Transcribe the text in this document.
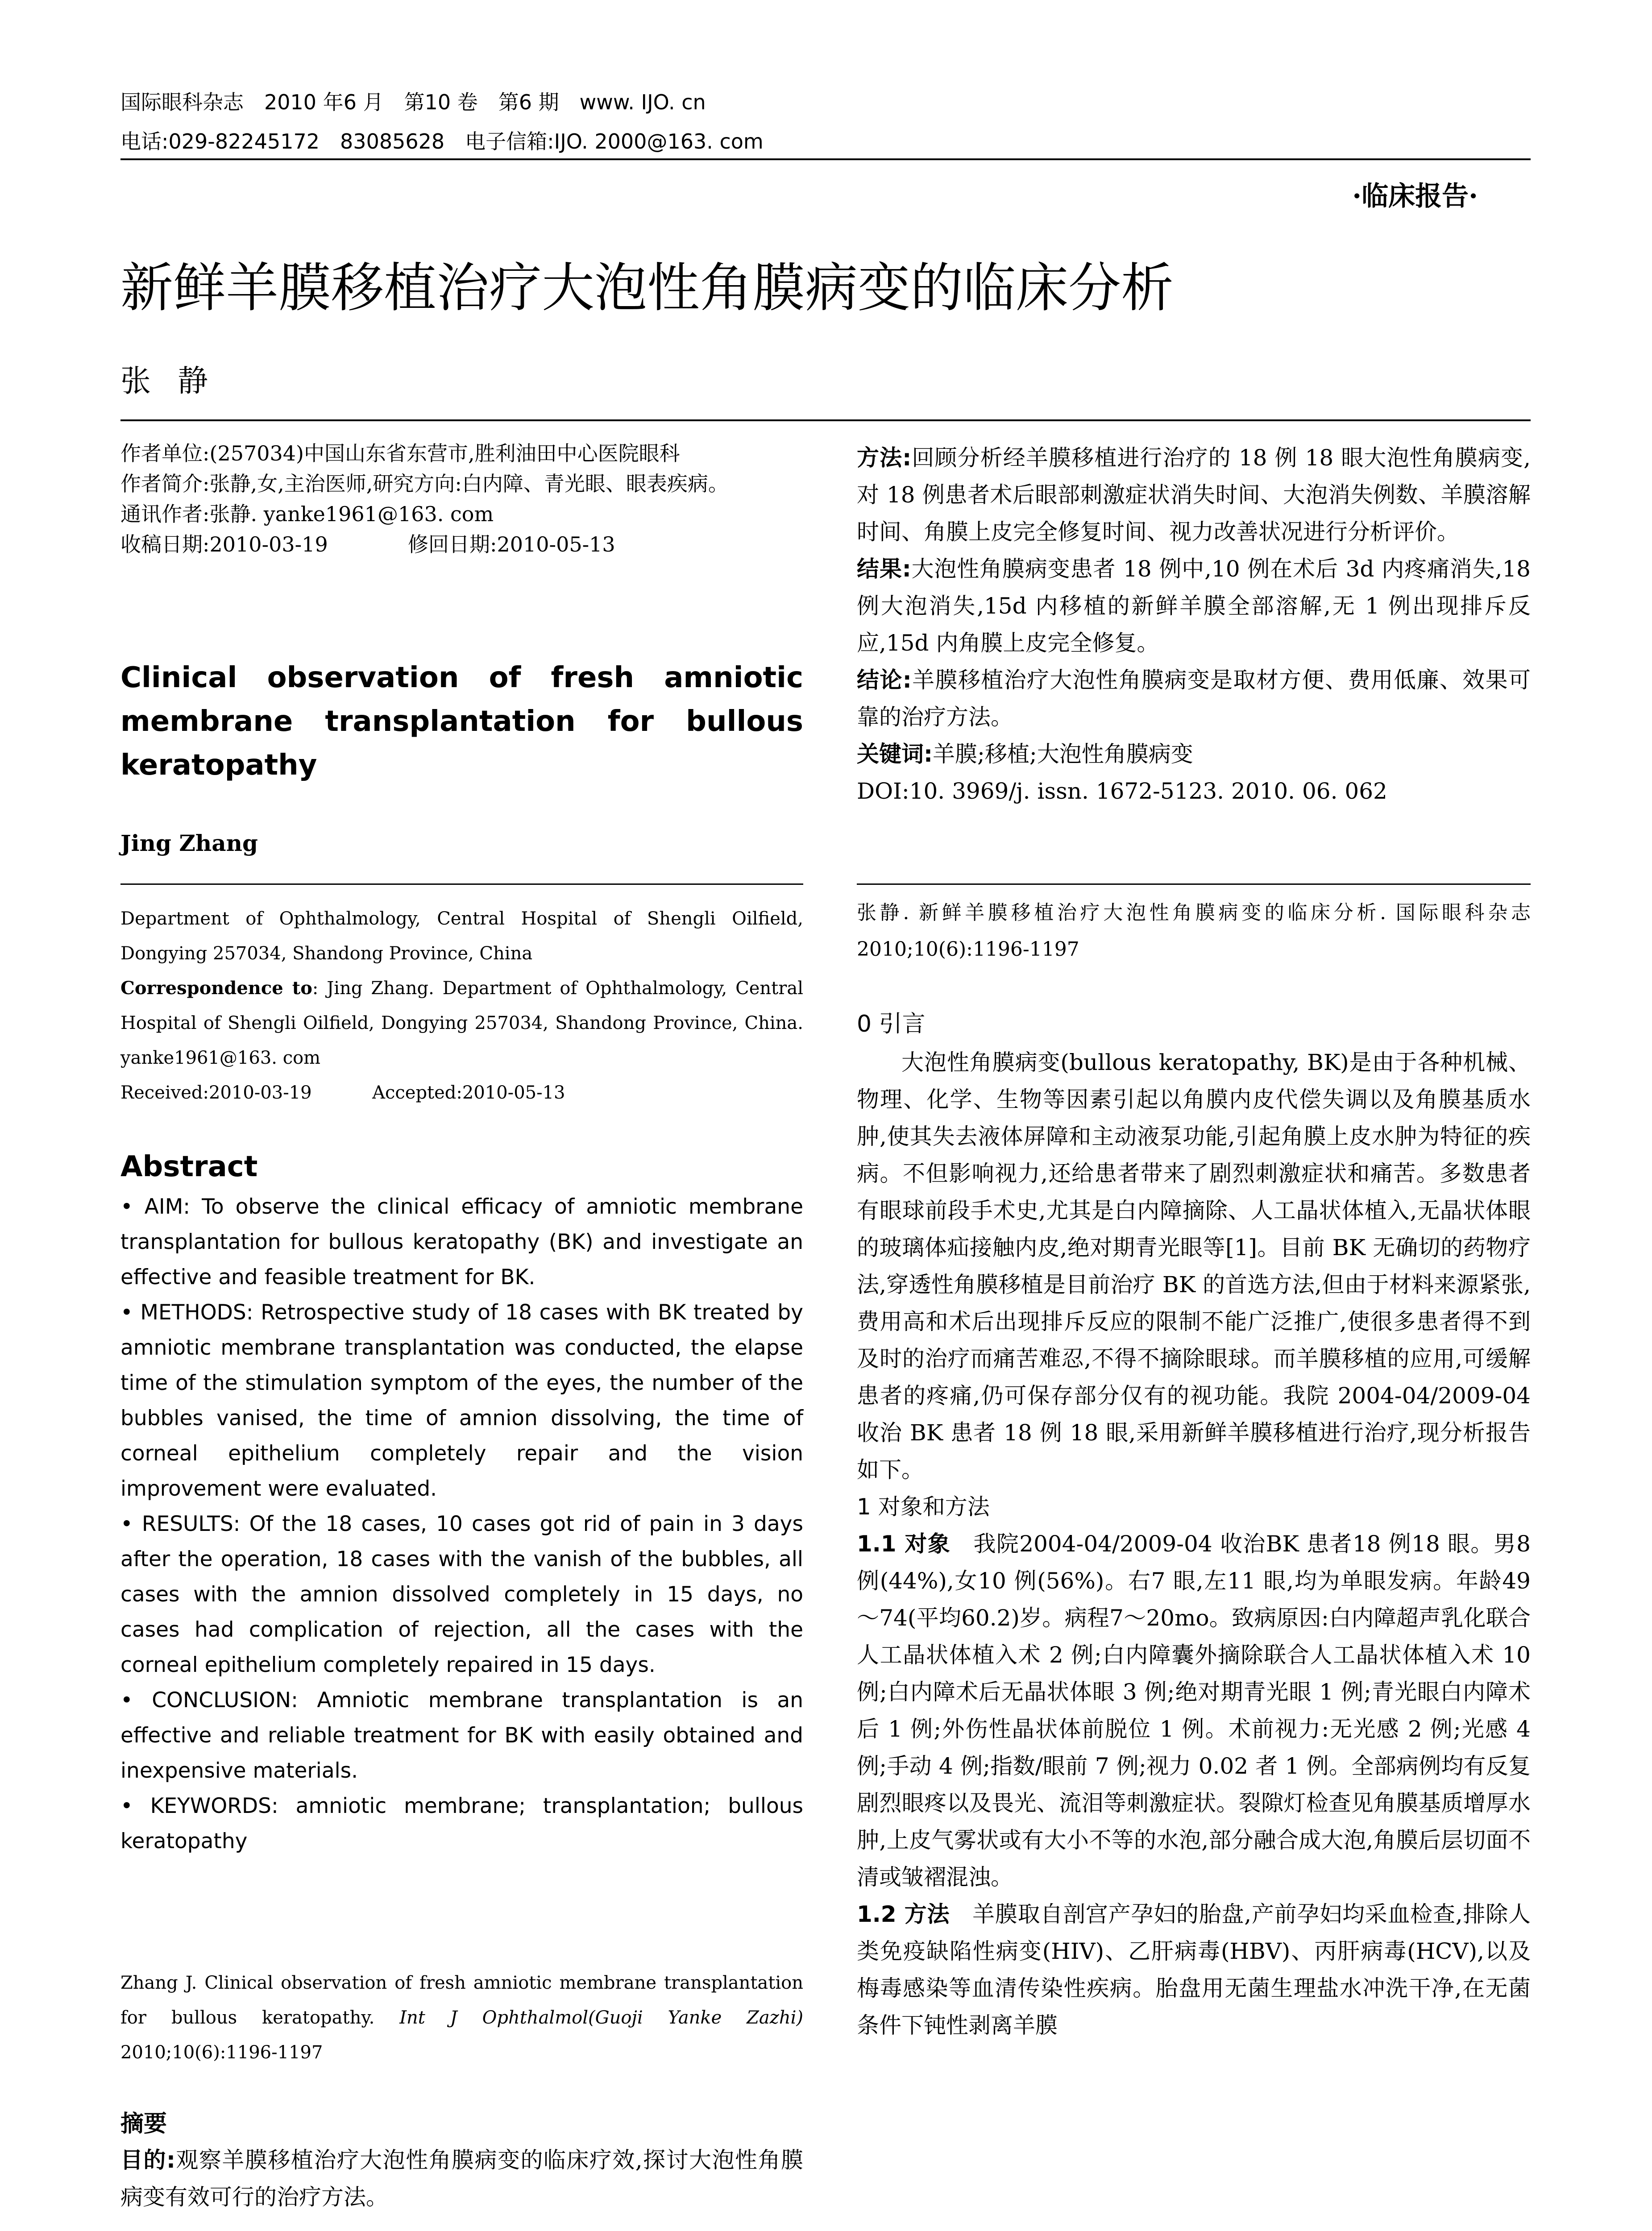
国际眼科杂志　2010 年6 月　第10 卷　第6 期　www. IJO. cn
电话:029-82245172　83085628　电子信箱:IJO. 2000@163. com
·临床报告·
新鲜羊膜移植治疗大泡性角膜病变的临床分析
张静
作者单位:(257034)中国山东省东营市,胜利油田中心医院眼科
作者简介:张静,女,主治医师,研究方向:白内障、青光眼、眼表疾病。
通讯作者:张静. yanke1961@163. com
收稿日期:2010-03-19	修回日期:2010-05-13
Clinical observation of fresh amniotic membrane transplantation for bullous keratopathy
Jing Zhang
Department of Ophthalmology, Central Hospital of Shengli Oilfield, Dongying 257034, Shandong Province, China
Correspondence to: Jing Zhang. Department of Ophthalmology, Central Hospital of Shengli Oilfield, Dongying 257034, Shandong Province, China. yanke1961@163. com
Received:2010-03-19	Accepted:2010-05-13
Abstract

• AIM: To observe the clinical efficacy of amniotic membrane transplantation for bullous keratopathy (BK) and investigate an effective and feasible treatment for BK.

• METHODS: Retrospective study of 18 cases with BK treated by amniotic membrane transplantation was conducted, the elapse time of the stimulation symptom of the eyes, the number of the bubbles vanised, the time of amnion dissolving, the time of corneal epithelium completely repair and the vision improvement were evaluated.

• RESULTS: Of the 18 cases, 10 cases got rid of pain in 3 days after the operation, 18 cases with the vanish of the bubbles, all cases with the amnion dissolved completely in 15 days, no cases had complication of rejection, all the cases with the corneal epithelium completely repaired in 15 days.

• CONCLUSION: Amniotic membrane transplantation is an effective and reliable treatment for BK with easily obtained and inexpensive materials.

• KEYWORDS: amniotic membrane; transplantation; bullous keratopathy

Zhang J. Clinical observation of fresh amniotic membrane transplantation for bullous keratopathy. Int J Ophthalmol(Guoji Yanke Zazhi) 2010;10(6):1196-1197
摘要
目的:观察羊膜移植治疗大泡性角膜病变的临床疗效,探讨大泡性角膜病变有效可行的治疗方法。

方法:回顾分析经羊膜移植进行治疗的 18 例 18 眼大泡性角膜病变,对 18 例患者术后眼部刺激症状消失时间、大泡消失例数、羊膜溶解时间、角膜上皮完全修复时间、视力改善状况进行分析评价。

结果:大泡性角膜病变患者 18 例中,10 例在术后 3d 内疼痛消失,18 例大泡消失,15d 内移植的新鲜羊膜全部溶解,无 1 例出现排斥反应,15d 内角膜上皮完全修复。

结论:羊膜移植治疗大泡性角膜病变是取材方便、费用低廉、效果可靠的治疗方法。

关键词:羊膜;移植;大泡性角膜病变

DOI:10. 3969/j. issn. 1672-5123. 2010. 06. 062

张静. 新鲜羊膜移植治疗大泡性角膜病变的临床分析. 国际眼科杂志 2010;10(6):1196-1197
0 引言

大泡性角膜病变(bullous keratopathy, BK)是由于各种机械、物理、化学、生物等因素引起以角膜内皮代偿失调以及角膜基质水肿,使其失去液体屏障和主动液泵功能,引起角膜上皮水肿为特征的疾病。不但影响视力,还给患者带来了剧烈刺激症状和痛苦。多数患者有眼球前段手术史,尤其是白内障摘除、人工晶状体植入,无晶状体眼的玻璃体疝接触内皮,绝对期青光眼等[1]。目前 BK 无确切的药物疗法,穿透性角膜移植是目前治疗 BK 的首选方法,但由于材料来源紧张,费用高和术后出现排斥反应的限制不能广泛推广,使很多患者得不到及时的治疗而痛苦难忍,不得不摘除眼球。而羊膜移植的应用,可缓解患者的疼痛,仍可保存部分仅有的视功能。我院 2004-04/2009-04 收治 BK 患者 18 例 18 眼,采用新鲜羊膜移植进行治疗,现分析报告如下。

1 对象和方法

1.1 对象　我院2004-04/2009-04 收治BK 患者18 例18 眼。男8 例(44%),女10 例(56%)。右7 眼,左11 眼,均为单眼发病。年龄49～74(平均60.2)岁。病程7～20mo。致病原因:白内障超声乳化联合人工晶状体植入术 2 例;白内障囊外摘除联合人工晶状体植入术 10 例;白内障术后无晶状体眼 3 例;绝对期青光眼 1 例;青光眼白内障术后 1 例;外伤性晶状体前脱位 1 例。术前视力:无光感 2 例;光感 4 例;手动 4 例;指数/眼前 7 例;视力 0.02 者 1 例。全部病例均有反复剧烈眼疼以及畏光、流泪等刺激症状。裂隙灯检查见角膜基质增厚水肿,上皮气雾状或有大小不等的水泡,部分融合成大泡,角膜后层切面不清或皱褶混浊。

1.2 方法　羊膜取自剖宫产孕妇的胎盘,产前孕妇均采血检查,排除人类免疫缺陷性病变(HIV)、乙肝病毒(HBV)、丙肝病毒(HCV),以及梅毒感染等血清传染性疾病。胎盘用无菌生理盐水冲洗干净,在无菌条件下钝性剥离羊膜
